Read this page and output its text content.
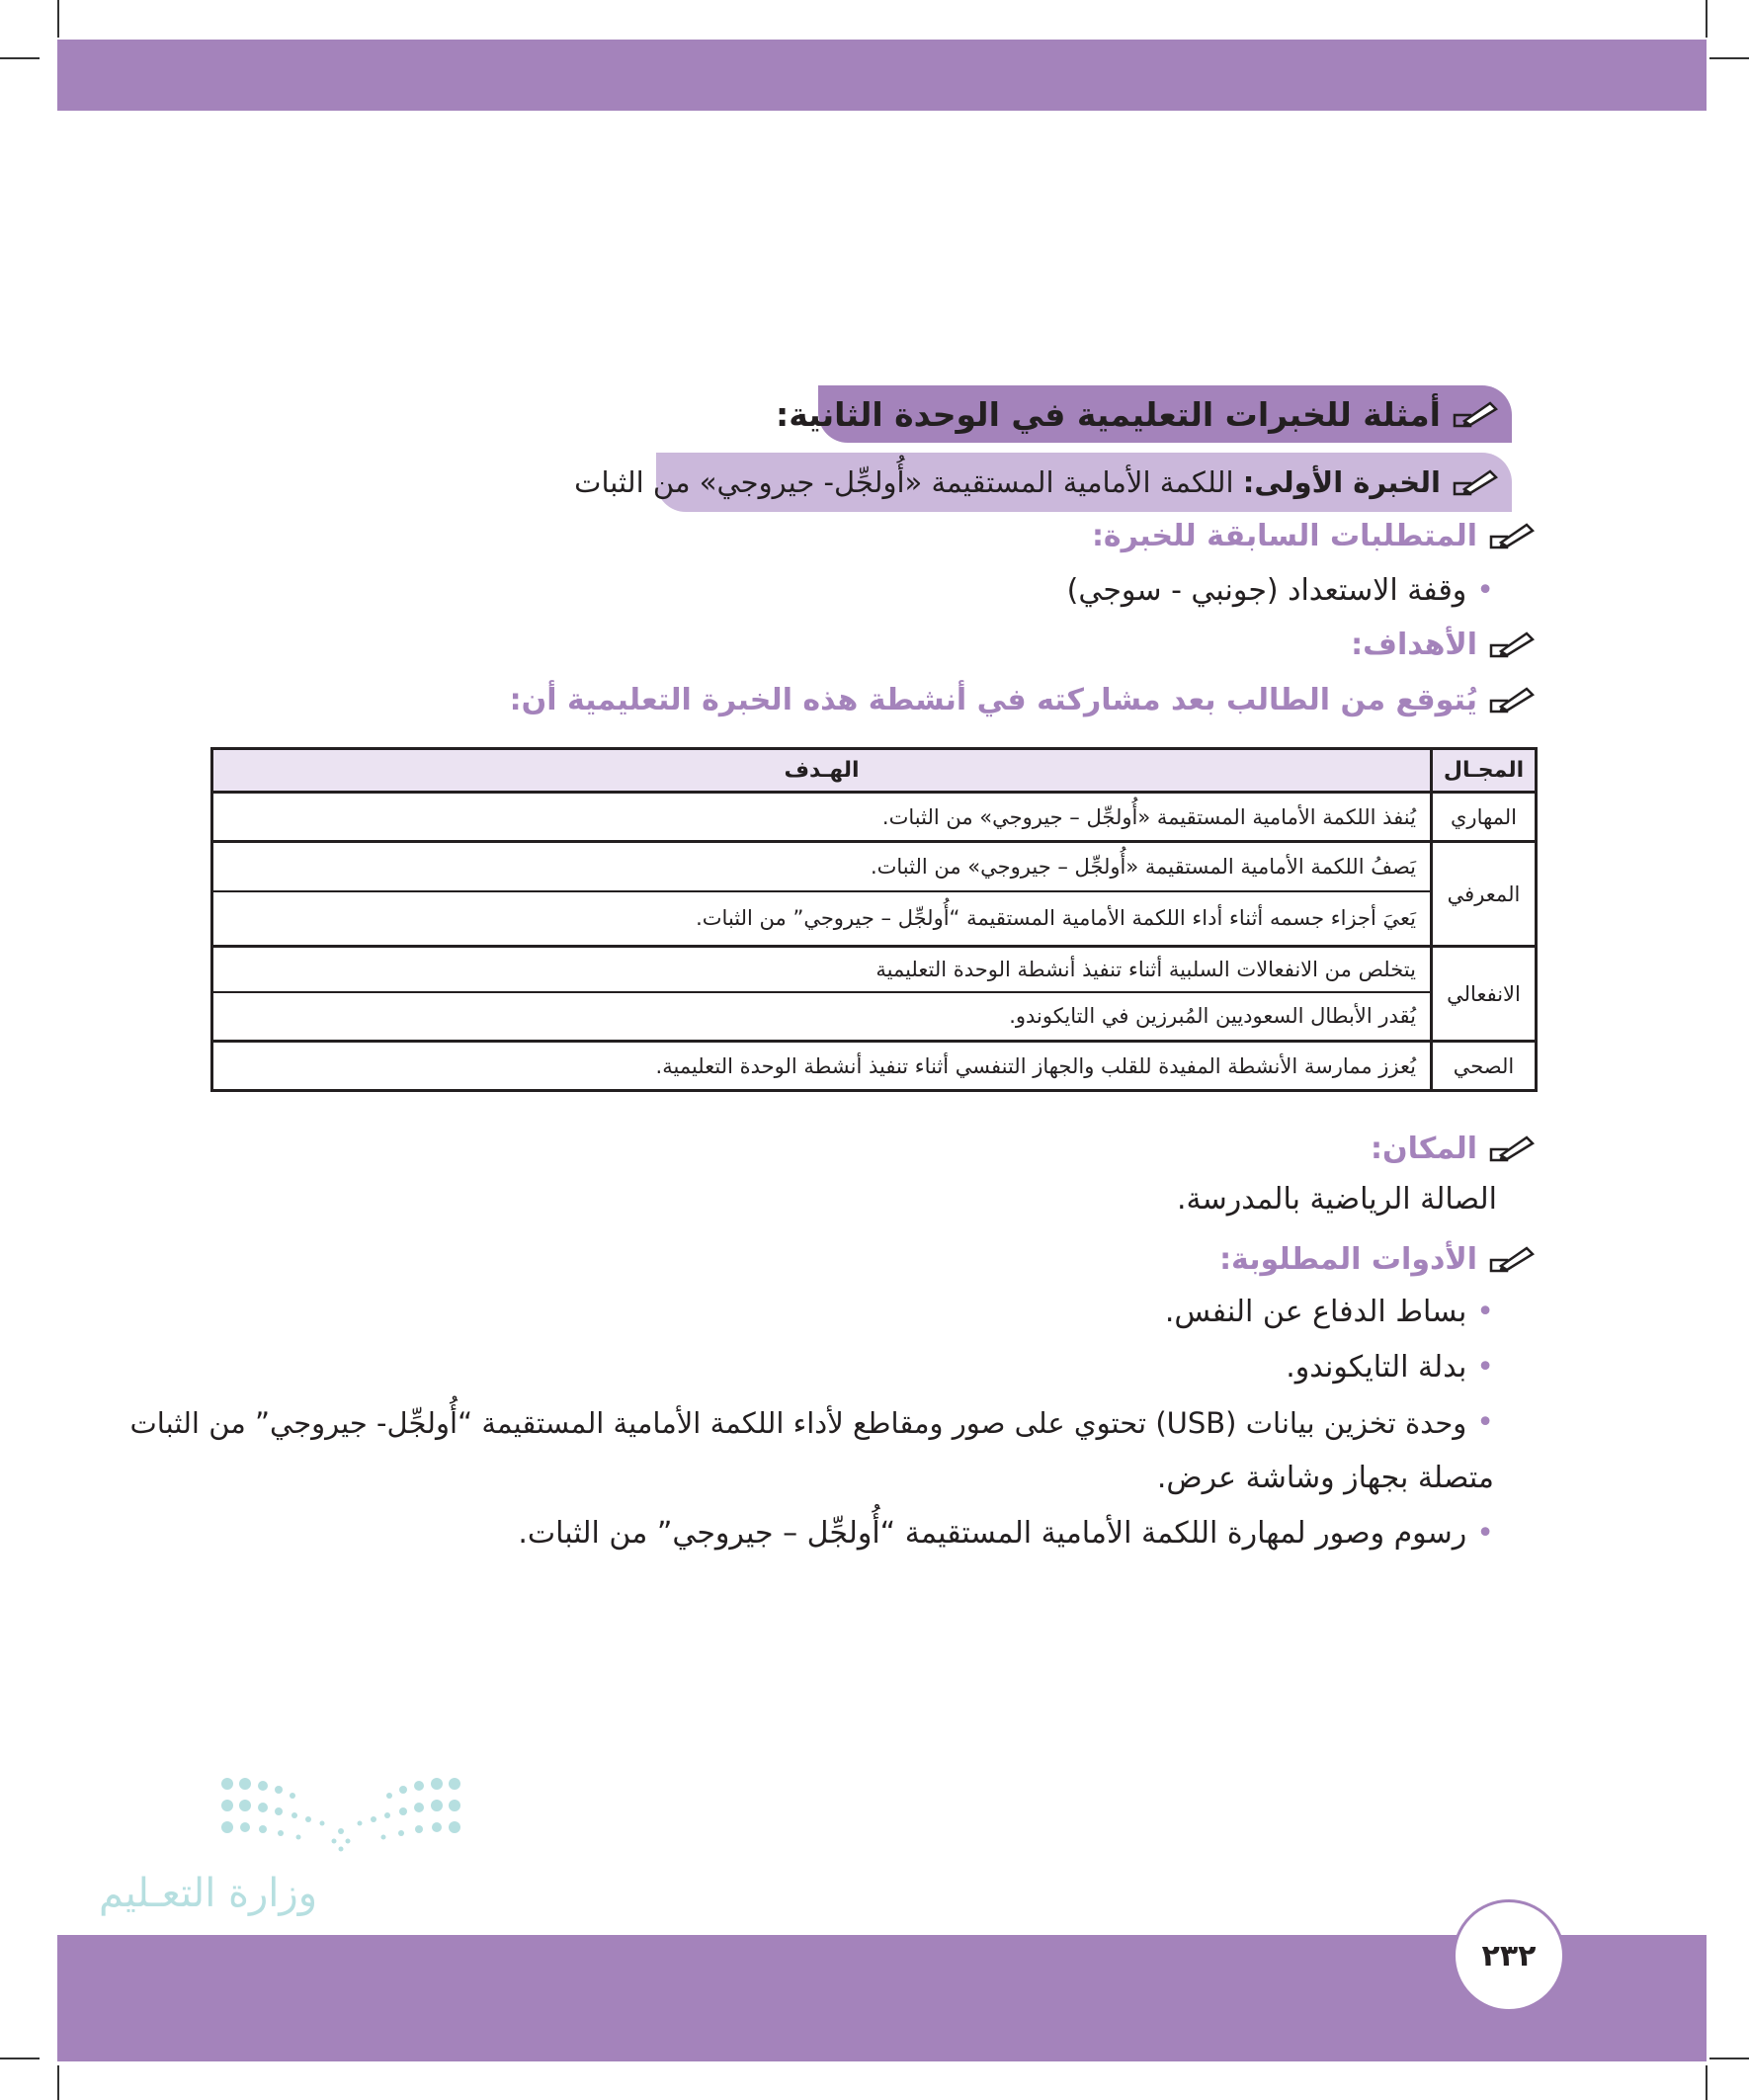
أمثلة للخبرات التعليمية في الوحدة الثانية:
الخبرة الأولى: اللكمة الأمامية المستقيمة «أُولجِّل- جيروجي» من الثبات
المتطلبات السابقة للخبرة:
•
وقفة الاستعداد (جونبي - سوجي)
الأهداف:
يُتوقع من الطالب بعد مشاركته في أنشطة هذه الخبرة التعليمية أن:
المجـال	الهـدف
المهاري	يُنفذ اللكمة الأمامية المستقيمة «أُولجِّل – جيروجي» من الثبات.
المعرفي	يَصفُ اللكمة الأمامية المستقيمة «أُولجِّل – جيروجي» من الثبات.
	يَعيَ أجزاء جسمه أثناء أداء اللكمة الأمامية المستقيمة “أُولجِّل – جيروجي” من الثبات.
الانفعالي	يتخلص من الانفعالات السلبية أثناء تنفيذ أنشطة الوحدة التعليمية
	يُقدر الأبطال السعوديين المُبرزين في التايكوندو.
الصحي	يُعزز ممارسة الأنشطة المفيدة للقلب والجهاز التنفسي أثناء تنفيذ أنشطة الوحدة التعليمية.
المكان:
الصالة الرياضية بالمدرسة.
الأدوات المطلوبة:
•
بساط الدفاع عن النفس.
•
بدلة التايكوندو.
•
وحدة تخزين بيانات (USB) تحتوي على صور ومقاطع لأداء اللكمة الأمامية المستقيمة “أُولجِّل- جيروجي” من الثبات
متصلة بجهاز وشاشة عرض.
•
رسوم وصور لمهارة اللكمة الأمامية المستقيمة “أُولجِّل – جيروجي” من الثبات.
وزارة التعـليم
٢٣٢
